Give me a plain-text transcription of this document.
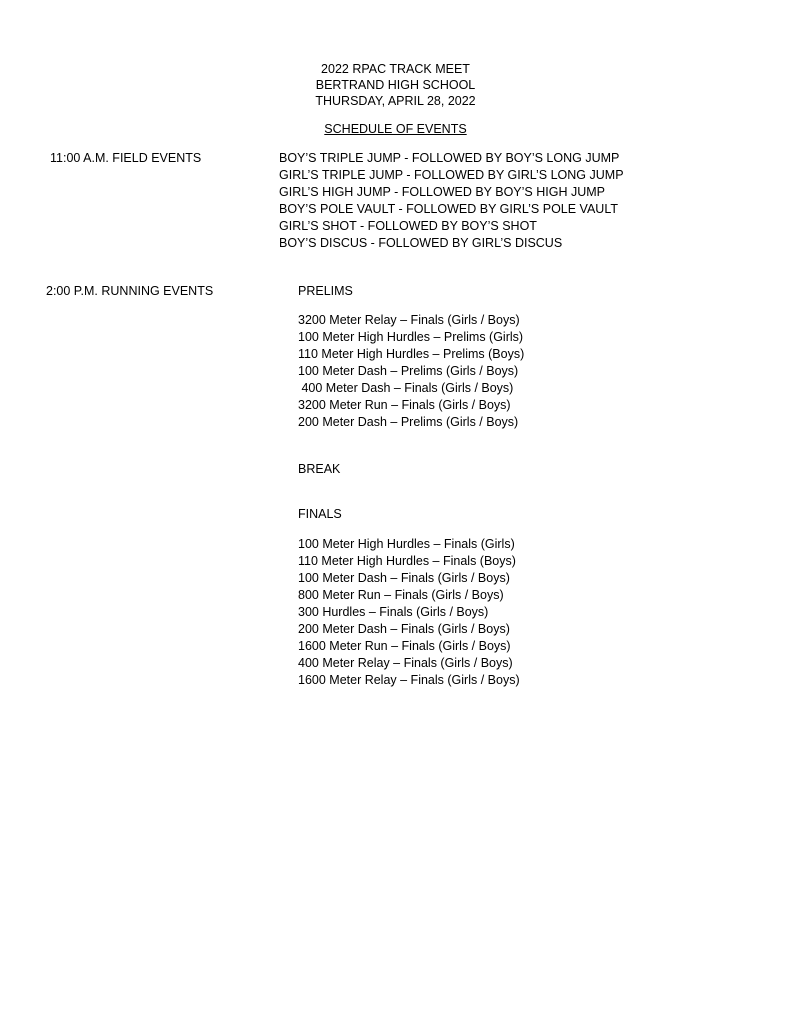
2022 RPAC TRACK MEET
BERTRAND HIGH SCHOOL
THURSDAY, APRIL 28, 2022
SCHEDULE OF EVENTS
11:00 A.M. FIELD EVENTS	BOY’S TRIPLE JUMP - FOLLOWED BY BOY’S LONG JUMP
GIRL’S TRIPLE JUMP - FOLLOWED BY GIRL’S LONG JUMP
GIRL’S HIGH JUMP - FOLLOWED BY BOY’S HIGH JUMP
BOY’S POLE VAULT - FOLLOWED BY GIRL’S POLE VAULT
GIRL’S SHOT - FOLLOWED BY BOY’S SHOT
BOY’S DISCUS - FOLLOWED BY GIRL’S DISCUS
2:00 P.M. RUNNING EVENTS	PRELIMS
3200 Meter Relay – Finals (Girls / Boys)
100 Meter High Hurdles – Prelims (Girls)
110 Meter High Hurdles – Prelims (Boys)
100 Meter Dash – Prelims (Girls / Boys)
400 Meter Dash – Finals (Girls / Boys)
3200 Meter Run – Finals (Girls / Boys)
200 Meter Dash – Prelims (Girls / Boys)
BREAK
FINALS
100 Meter High Hurdles – Finals (Girls)
110 Meter High Hurdles – Finals (Boys)
100 Meter Dash – Finals (Girls / Boys)
800 Meter Run – Finals (Girls / Boys)
300 Hurdles – Finals (Girls / Boys)
200 Meter Dash – Finals (Girls / Boys)
1600 Meter Run – Finals (Girls / Boys)
400 Meter Relay – Finals (Girls / Boys)
1600 Meter Relay – Finals (Girls / Boys)
